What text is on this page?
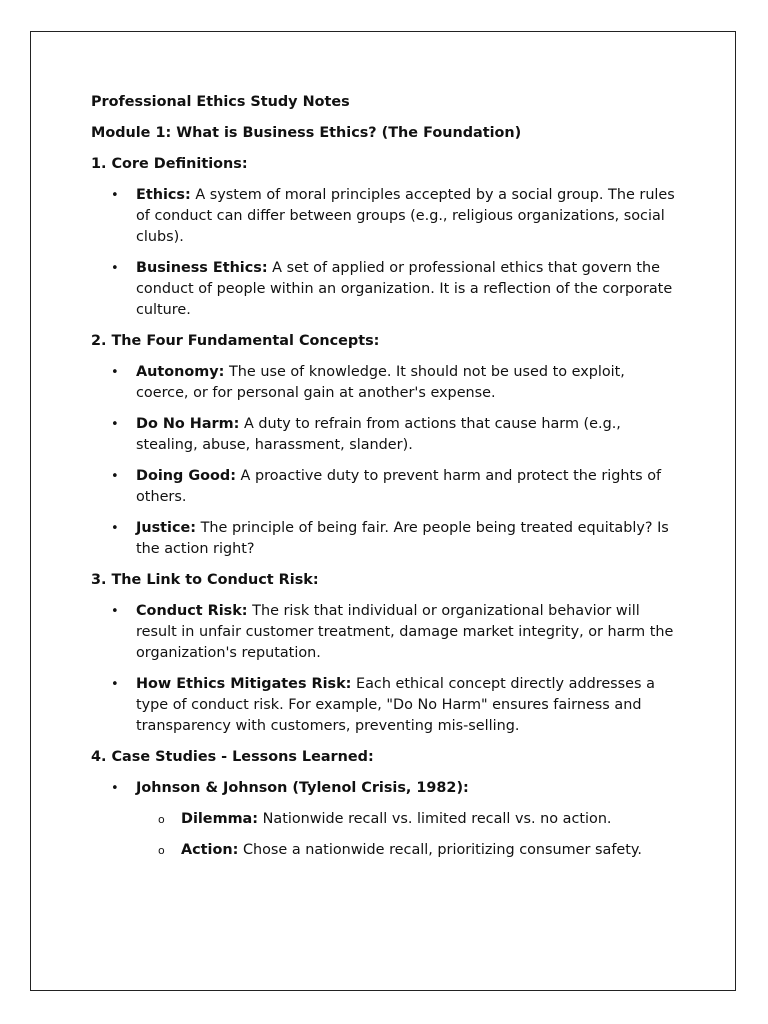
Professional Ethics Study Notes

Module 1: What is Business Ethics? (The Foundation)

1. Core Definitions:

• Ethics: A system of moral principles accepted by a social group. The rules of conduct can differ between groups (e.g., religious organizations, social clubs).
• Business Ethics: A set of applied or professional ethics that govern the conduct of people within an organization. It is a reflection of the corporate culture.

2. The Four Fundamental Concepts:

• Autonomy: The use of knowledge. It should not be used to exploit, coerce, or for personal gain at another's expense.
• Do No Harm: A duty to refrain from actions that cause harm (e.g., stealing, abuse, harassment, slander).
• Doing Good: A proactive duty to prevent harm and protect the rights of others.
• Justice: The principle of being fair. Are people being treated equitably? Is the action right?

3. The Link to Conduct Risk:

• Conduct Risk: The risk that individual or organizational behavior will result in unfair customer treatment, damage market integrity, or harm the organization's reputation.
• How Ethics Mitigates Risk: Each ethical concept directly addresses a type of conduct risk. For example, "Do No Harm" ensures fairness and transparency with customers, preventing mis-selling.

4. Case Studies - Lessons Learned:

• Johnson & Johnson (Tylenol Crisis, 1982):
o Dilemma: Nationwide recall vs. limited recall vs. no action.
o Action: Chose a nationwide recall, prioritizing consumer safety.
